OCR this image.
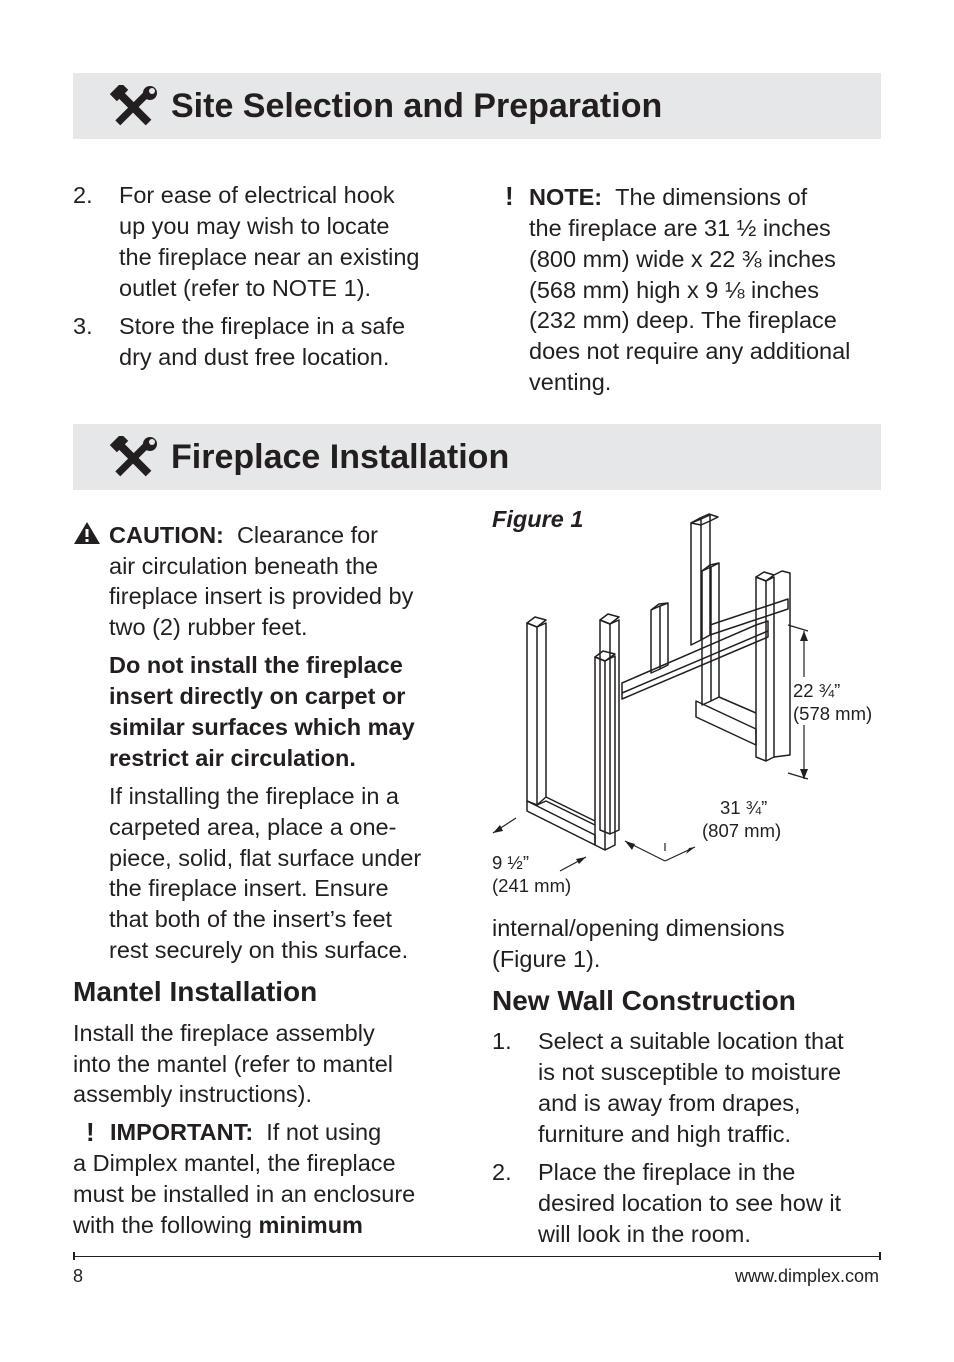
Site Selection and Preparation
2. For ease of electrical hook
up you may wish to locate
the fireplace near an existing
outlet (refer to NOTE 1).
3. Store the fireplace in a safe
dry and dust free location.
! NOTE: The dimensions of
the fireplace are 31 ½ inches
(800 mm) wide x 22 ⅜ inches
(568 mm) high x 9 ⅛ inches
(232 mm) deep. The fireplace
does not require any additional
venting.
Fireplace Installation
CAUTION: Clearance for
air circulation beneath the
fireplace insert is provided by
two (2) rubber feet.
Do not install the fireplace
insert directly on carpet or
similar surfaces which may
restrict air circulation.
If installing the fireplace in a
carpeted area, place a one-
piece, solid, flat surface under
the fireplace insert. Ensure
that both of the insert’s feet
rest securely on this surface.
Mantel Installation
Install the fireplace assembly
into the mantel (refer to mantel
assembly instructions).
! IMPORTANT: If not using
a Dimplex mantel, the fireplace
must be installed in an enclosure
with the following minimum
Figure 1
22 ¾”
(578 mm)
31 ¾”
(807 mm)
9 ½”
(241 mm)
internal/opening dimensions
(Figure 1).
New Wall Construction
1. Select a suitable location that
is not susceptible to moisture
and is away from drapes,
furniture and high traffic.
2. Place the fireplace in the
desired location to see how it
will look in the room.
8	www.dimplex.com
